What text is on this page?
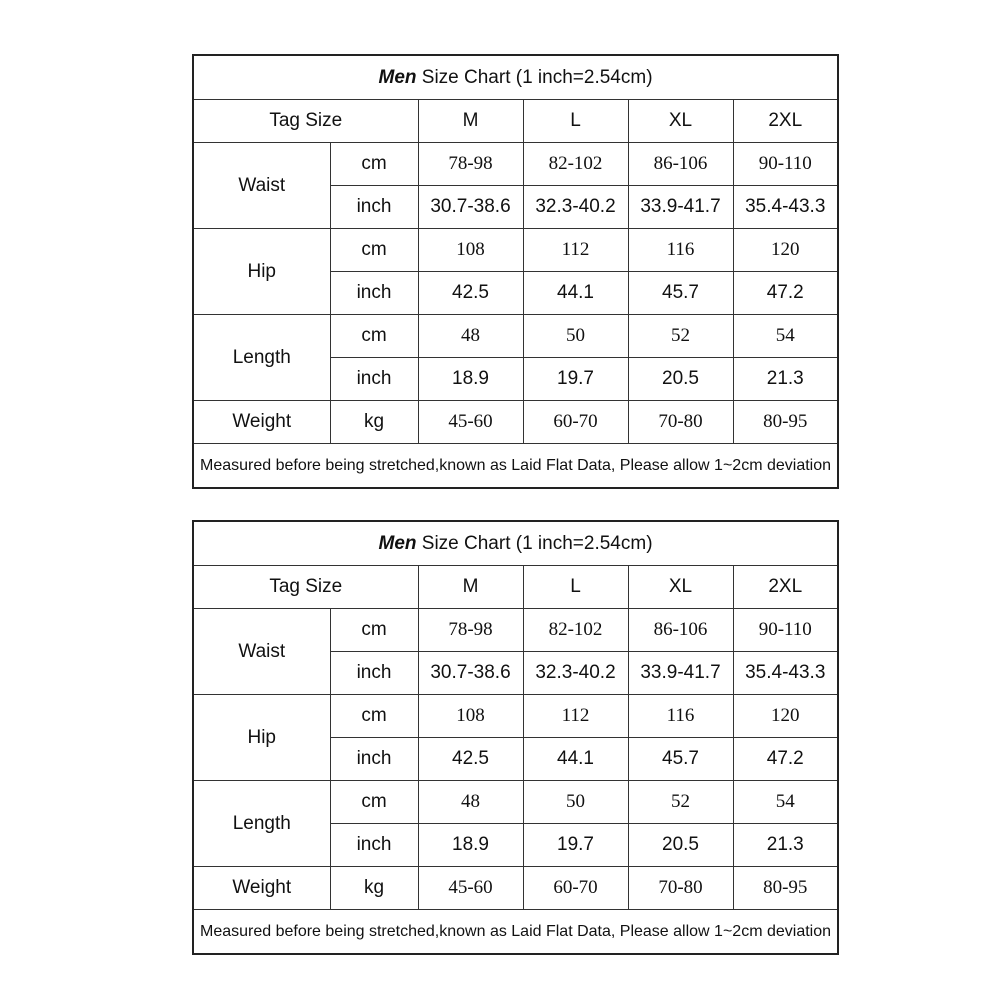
Men Size Chart (1 inch=2.54cm)					
Tag Size		M	L	XL	2XL
Waist	cm	78-98	82-102	86-106	90-110
	inch	30.7-38.6	32.3-40.2	33.9-41.7	35.4-43.3
Hip	cm	108	112	116	120
	inch	42.5	44.1	45.7	47.2
Length	cm	48	50	52	54
	inch	18.9	19.7	20.5	21.3
Weight	kg	45-60	60-70	70-80	80-95
Measured before being stretched,known as Laid Flat Data, Please allow 1~2cm deviation					
Men Size Chart (1 inch=2.54cm)					
Tag Size		M	L	XL	2XL
Waist	cm	78-98	82-102	86-106	90-110
	inch	30.7-38.6	32.3-40.2	33.9-41.7	35.4-43.3
Hip	cm	108	112	116	120
	inch	42.5	44.1	45.7	47.2
Length	cm	48	50	52	54
	inch	18.9	19.7	20.5	21.3
Weight	kg	45-60	60-70	70-80	80-95
Measured before being stretched,known as Laid Flat Data, Please allow 1~2cm deviation					
